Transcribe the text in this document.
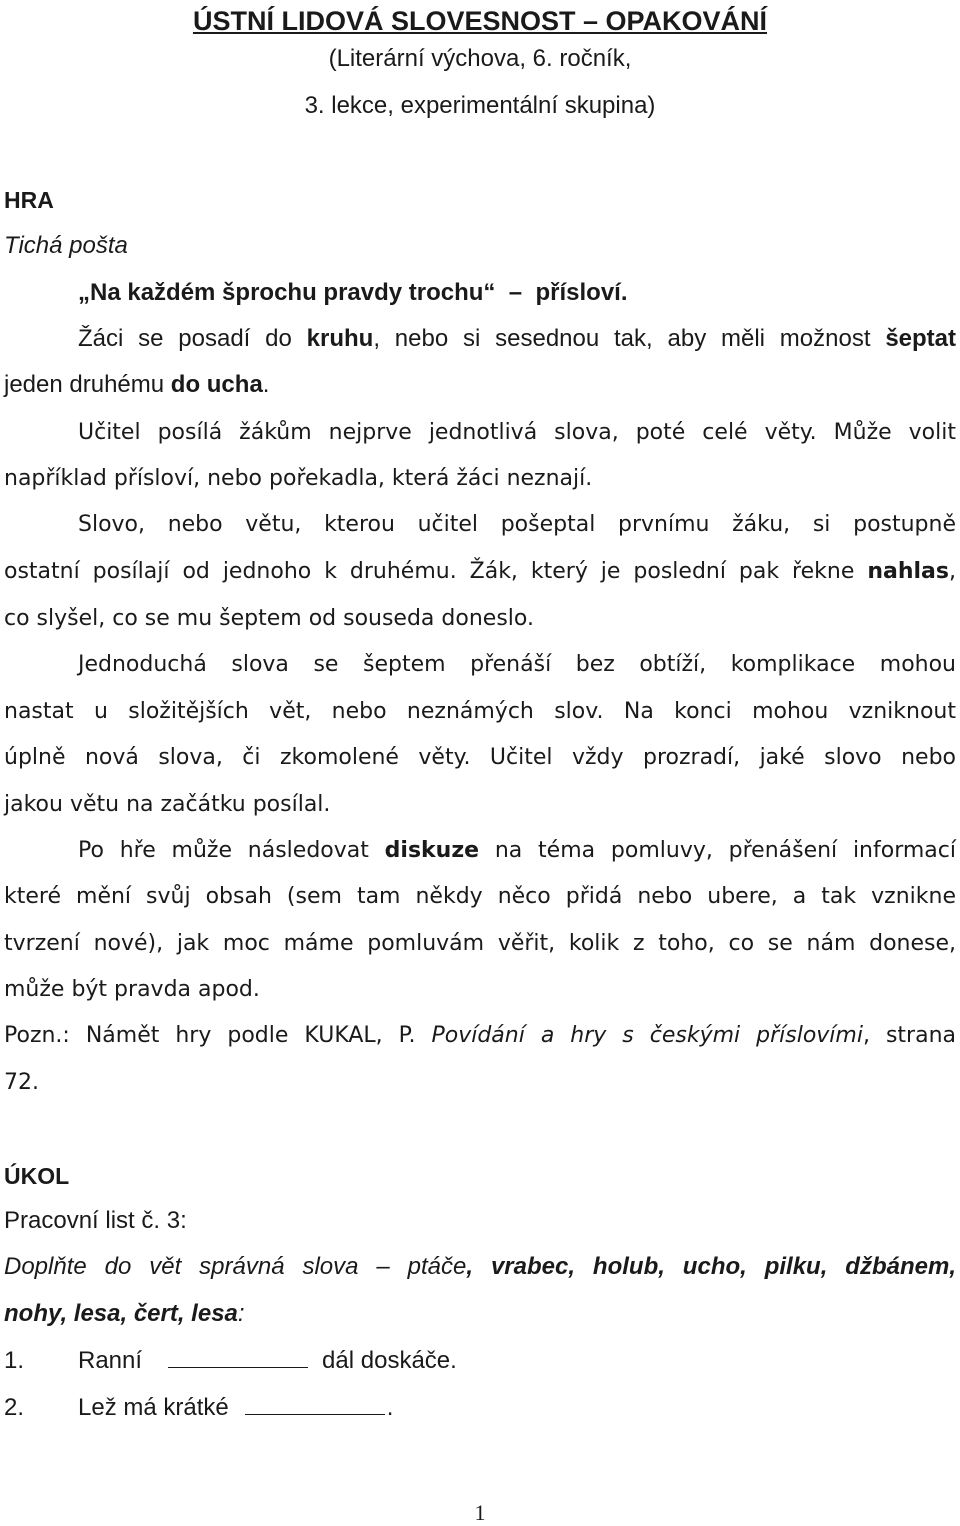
ÚSTNÍ LIDOVÁ SLOVESNOST – OPAKOVÁNÍ
(Literární výchova, 6. ročník,
3. lekce, experimentální skupina)
HRA
Tichá pošta
„Na každém šprochu pravdy trochu“ – přísloví.
Žáci se posadí do kruhu, nebo si sesednou tak, aby měli možnost šeptat
jeden druhému do ucha.
Učitel posílá žákům nejprve jednotlivá slova, poté celé věty. Může volit
například přísloví, nebo pořekadla, která žáci neznají.
Slovo, nebo větu, kterou učitel pošeptal prvnímu žáku, si postupně
ostatní posílají od jednoho k druhému. Žák, který je poslední pak řekne nahlas,
co slyšel, co se mu šeptem od souseda doneslo.
Jednoduchá slova se šeptem přenáší bez obtíží, komplikace mohou
nastat u složitějších vět, nebo neznámých slov. Na konci mohou vzniknout
úplně nová slova, či zkomolené věty. Učitel vždy prozradí, jaké slovo nebo
jakou větu na začátku posílal.
Po hře může následovat diskuze na téma pomluvy, přenášení informací
které mění svůj obsah (sem tam někdy něco přidá nebo ubere, a tak vznikne
tvrzení nové), jak moc máme pomluvám věřit, kolik z toho, co se nám donese,
může být pravda apod.
Pozn.: Námět hry podle KUKAL, P. Povídání a hry s českými příslovími, strana
72.
ÚKOL
Pracovní list č. 3:
Doplňte do vět správná slova – ptáče, vrabec, holub, ucho, pilku, džbánem,
nohy, lesa, čert, lesa:
1. Ranní	dál doskáče.
2. Lež má krátké	.
1
